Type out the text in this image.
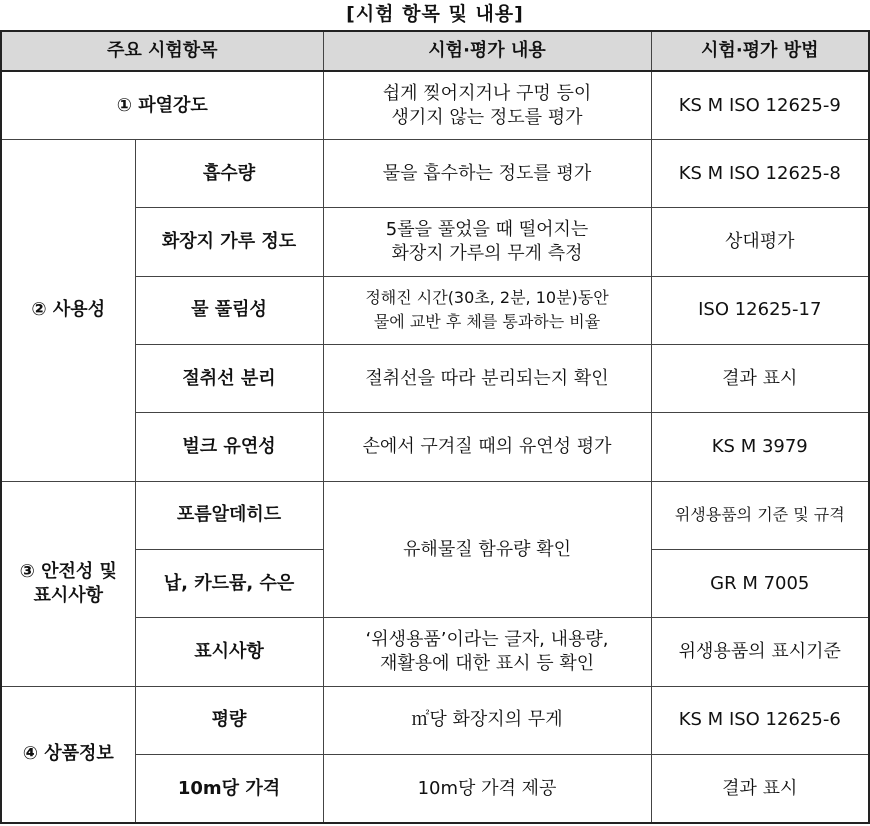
[시험 항목 및 내용]
주요 시험항목		시험·평가 내용	시험·평가 방법
① 파열강도		쉽게 찢어지거나 구멍 등이
생기지 않는 정도를 평가	KS M ISO 12625-9
② 사용성	흡수량	물을 흡수하는 정도를 평가	KS M ISO 12625-8
	화장지 가루 정도	5롤을 풀었을 때 떨어지는
화장지 가루의 무게 측정	상대평가
	물 풀림성	정해진 시간(30초, 2분, 10분)동안
물에 교반 후 체를 통과하는 비율	ISO 12625-17
	절취선 분리	절취선을 따라 분리되는지 확인	결과 표시
	벌크 유연성	손에서 구겨질 때의 유연성 평가	KS M 3979
③ 안전성 및
표시사항	포름알데히드	유해물질 함유량 확인	위생용품의 기준 및 규격
	납, 카드뮴, 수은		GR M 7005
	표시사항	‘위생용품’이라는 글자, 내용량,
재활용에 대한 표시 등 확인	위생용품의 표시기준
④ 상품정보	평량	㎡당 화장지의 무게	KS M ISO 12625-6
	10m당 가격	10m당 가격 제공	결과 표시
